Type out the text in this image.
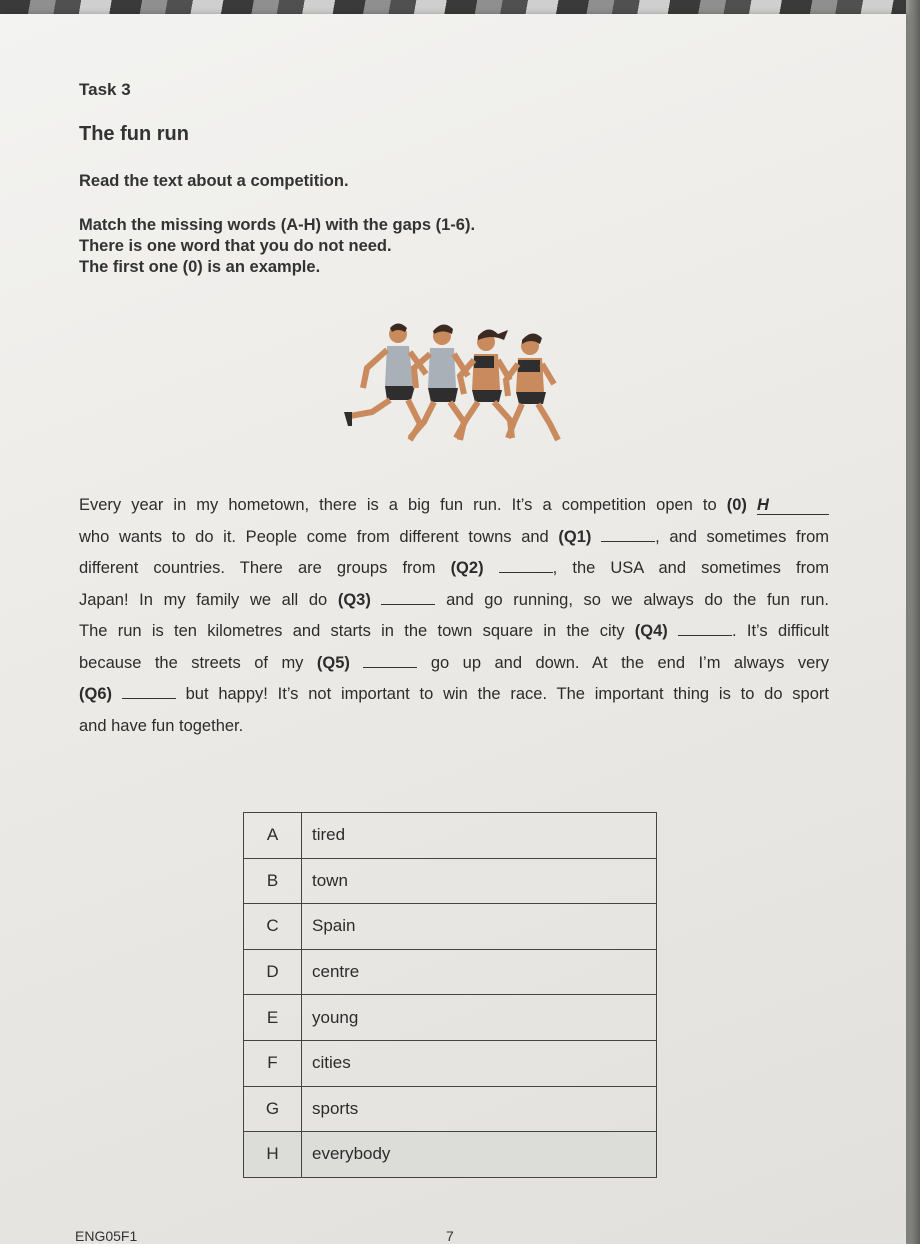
Task 3
The fun run
Read the text about a competition.
Match the missing words (A-H) with the gaps (1-6).
There is one word that you do not need.
The first one (0) is an example.

Every year in my hometown, there is a big fun run. It’s a competition open to (0) H

who wants to do it. People come from different towns and (Q1)	, and sometimes from

different countries. There are groups from (Q2)	, the USA and sometimes from

Japan! In my family we all do (Q3)	and go running, so we always do the fun run.

The run is ten kilometres and starts in the town square in the city (Q4)	. It’s difficult

because the streets of my (Q5)	go up and down. At the end I’m always very

(Q6)	but happy! It’s not important to win the race. The important thing is to do sport

and have fun together.

A	tired
B	town
C	Spain
D	centre
E	young
F	cities
G	sports
H	everybody
ENG05F1	7
